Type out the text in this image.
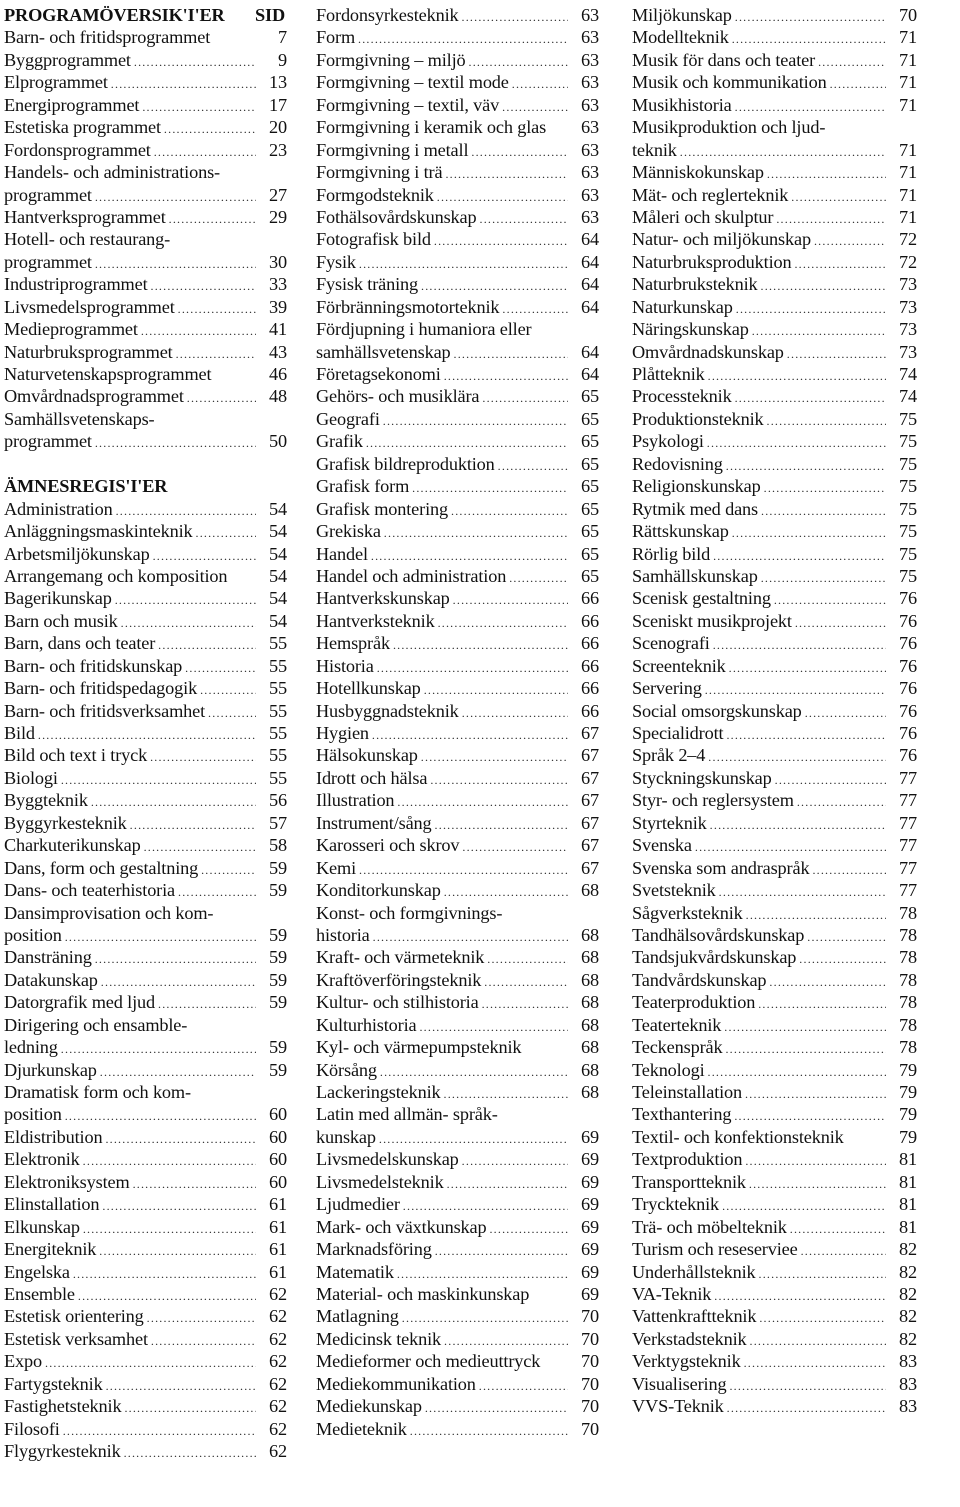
PROGRAMÖVERSIK'I'ER SID
Barn- och fritidsprogrammet	7
Byggprogrammet .....	9
Elprogrammet .....	13
Energiprogrammet .....	17
Estetiska programmet .....	20
Fordonsprogrammet .....	23
Handels- och administrations-
programmet .....	27
Hantverksprogrammet .....	29
Hotell- och restaurang-
programmet .....	30
Industriprogrammet .....	33
Livsmedelsprogrammet .....	39
Medieprogrammet .....	41
Naturbruksprogrammet .....	43
Naturvetenskapsprogrammet	46
Omvårdnadsprogrammet .....	48
Samhällsvetenskaps-
programmet .....	50
ÄMNESREGIS'I'ER
Administration .....	54
Anläggningsmaskinteknik .....	54
Arbetsmiljökunskap .....	54
Arrangemang och komposition	54
Bagerikunskap .....	54
Barn och musik .....	54
Barn, dans och teater .....	55
Barn- och fritidskunskap .....	55
Barn- och fritidspedagogik .....	55
Barn- och fritidsverksamhet .....	55
Bild .....	55
Bild och text i tryck .....	55
Biologi .....	55
Byggteknik .....	56
Byggyrkesteknik .....	57
Charkuterikunskap .....	58
Dans, form och gestaltning .....	59
Dans- och teaterhistoria .....	59
Dansimprovisation och kom-
position .....	59
Dansträning .....	59
Datakunskap .....	59
Datorgrafik med ljud .....	59
Dirigering och ensamble-
ledning .....	59
Djurkunskap .....	59
Dramatisk form och kom-
position .....	60
Eldistribution .....	60
Elektronik .....	60
Elektroniksystem .....	60
Elinstallation .....	61
Elkunskap .....	61
Energiteknik .....	61
Engelska .....	61
Ensemble .....	62
Estetisk orientering .....	62
Estetisk verksamhet .....	62
Expo .....	62
Fartygsteknik .....	62
Fastighetsteknik .....	62
Filosofi .....	62
Flygyrkesteknik .....	62
Fordonsyrkesteknik .....	63
Form .....	63
Formgivning – miljö .....	63
Formgivning – textil mode .....	63
Formgivning – textil, väv .....	63
Formgivning i keramik och glas	63
Formgivning i metall .....	63
Formgivning i trä .....	63
Formgodsteknik .....	63
Fothälsovårdskunskap .....	63
Fotografisk bild .....	64
Fysik .....	64
Fysisk träning .....	64
Förbränningsmotorteknik .....	64
Fördjupning i humaniora eller
samhällsvetenskap .....	64
Företagsekonomi .....	64
Gehörs- och musiklära .....	65
Geografi .....	65
Grafik .....	65
Grafisk bildreproduktion .....	65
Grafisk form .....	65
Grafisk montering .....	65
Grekiska .....	65
Handel .....	65
Handel och administration .....	65
Hantverkskunskap .....	66
Hantverksteknik .....	66
Hemspråk .....	66
Historia .....	66
Hotellkunskap .....	66
Husbyggnadsteknik .....	66
Hygien .....	67
Hälsokunskap .....	67
Idrott och hälsa .....	67
Illustration .....	67
Instrument/sång .....	67
Karosseri och skrov .....	67
Kemi .....	67
Konditorkunskap .....	68
Konst- och formgivnings-
historia .....	68
Kraft- och värmeteknik .....	68
Kraftöverföringsteknik .....	68
Kultur- och stilhistoria .....	68
Kulturhistoria .....	68
Kyl- och värmepumpsteknik	68
Körsång .....	68
Lackeringsteknik .....	68
Latin med allmän- språk-
kunskap .....	69
Livsmedelskunskap .....	69
Livsmedelsteknik .....	69
Ljudmedier .....	69
Mark- och växtkunskap .....	69
Marknadsföring .....	69
Matematik .....	69
Material- och maskinkunskap	69
Matlagning .....	70
Medicinsk teknik .....	70
Medieformer och medieuttryck	70
Mediekommunikation .....	70
Mediekunskap .....	70
Medieteknik .....	70
Miljökunskap .....	70
Modellteknik .....	71
Musik för dans och teater .....	71
Musik och kommunikation .....	71
Musikhistoria .....	71
Musikproduktion och ljud-
teknik .....	71
Människokunskap .....	71
Mät- och reglerteknik .....	71
Måleri och skulptur .....	71
Natur- och miljökunskap .....	72
Naturbruksproduktion .....	72
Naturbruksteknik .....	73
Naturkunskap .....	73
Näringskunskap .....	73
Omvårdnadskunskap .....	73
Plåtteknik .....	74
Processteknik .....	74
Produktionsteknik .....	75
Psykologi .....	75
Redovisning .....	75
Religionskunskap .....	75
Rytmik med dans .....	75
Rättskunskap .....	75
Rörlig bild .....	75
Samhällskunskap .....	75
Scenisk gestaltning .....	76
Sceniskt musikprojekt .....	76
Scenografi .....	76
Screenteknik .....	76
Servering .....	76
Social omsorgskunskap .....	76
Specialidrott .....	76
Språk 2–4 .....	76
Styckningskunskap .....	77
Styr- och reglersystem .....	77
Styrteknik .....	77
Svenska .....	77
Svenska som andraspråk .....	77
Svetsteknik .....	77
Sågverksteknik .....	78
Tandhälsovårdskunskap .....	78
Tandsjukvårdskunskap .....	78
Tandvårdskunskap .....	78
Teaterproduktion .....	78
Teaterteknik .....	78
Teckenspråk .....	78
Teknologi .....	79
Teleinstallation .....	79
Texthantering .....	79
Textil- och konfektionsteknik	79
Textproduktion .....	81
Transportteknik .....	81
Tryckteknik .....	81
Trä- och möbelteknik .....	81
Turism och reseserviee .....	82
Underhållsteknik .....	82
VA-Teknik .....	82
Vattenkraftteknik .....	82
Verkstadsteknik .....	82
Verktygsteknik .....	83
Visualisering .....	83
VVS-Teknik .....	83
